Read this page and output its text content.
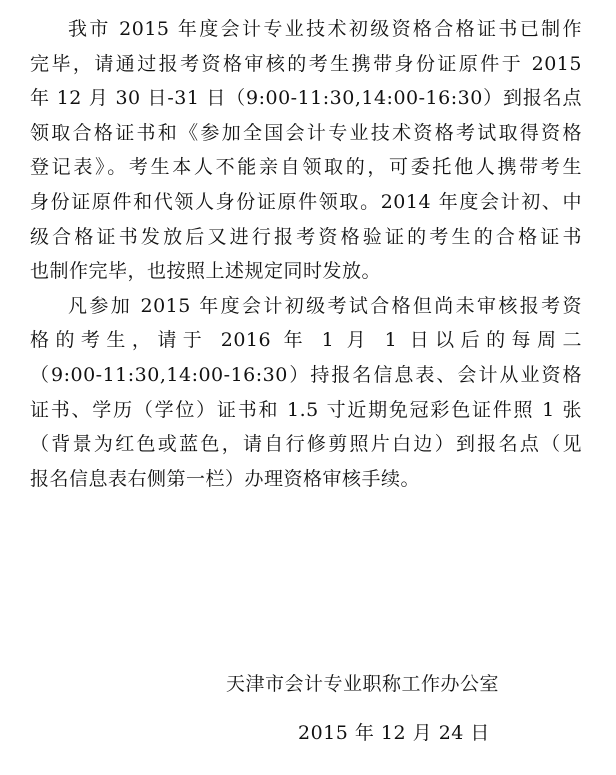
我市 2015 年度会计专业技术初级资格合格证书已制作

完毕，请通过报考资格审核的考生携带身份证原件于 2015

年 12 月 30 日-31 日（9:00-11:30,14:00-16:30）到报名点

领取合格证书和《参加全国会计专业技术资格考试取得资格

登记表》。考生本人不能亲自领取的，可委托他人携带考生

身份证原件和代领人身份证原件领取。2014 年度会计初、中

级合格证书发放后又进行报考资格验证的考生的合格证书

也制作完毕，也按照上述规定同时发放。

凡参加 2015 年度会计初级考试合格但尚未审核报考资

格的考生，请于 2016 年 1 月 1 日以后的每周二

（9:00-11:30,14:00-16:30）持报名信息表、会计从业资格

证书、学历（学位）证书和 1.5 寸近期免冠彩色证件照 1 张

（背景为红色或蓝色，请自行修剪照片白边）到报名点（见

报名信息表右侧第一栏）办理资格审核手续。

天津市会计专业职称工作办公室
2015 年 12 月 24 日
